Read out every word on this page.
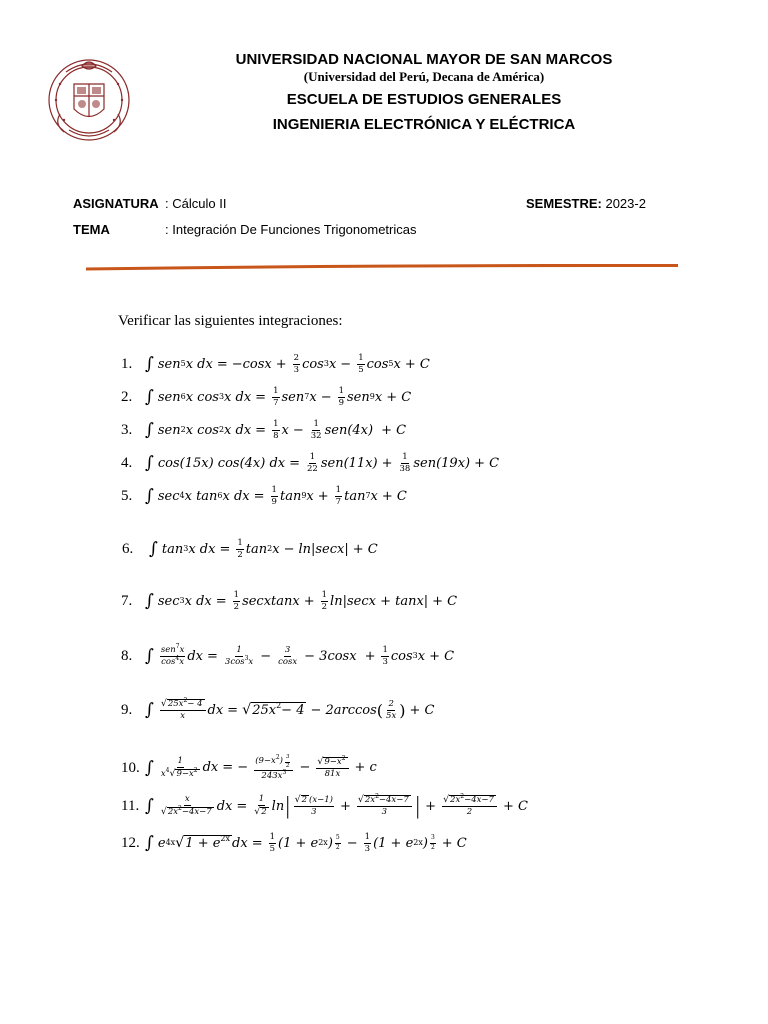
UNIVERSIDAD NACIONAL MAYOR DE SAN MARCOS
(Universidad del Perú, Decana de América)
ESCUELA DE ESTUDIOS GENERALES
INGENIERIA ELECTRÓNICA Y ELÉCTRICA
ASIGNATURA : Cálculo II	SEMESTRE: 2023-2
TEMA	: Integración De Funciones Trigonometricas
Verificar las siguientes integraciones:
1. ∫ sen 5 x dx = $-\cos x + \frac{2}{3}$ cos 3 $x - \frac{1}{5}$ cos 5 x + C
2. ∫ sen 6 x cos 3 x dx = $\frac{1}{7}$ sen 7 $x - \frac{1}{9}$ sen 9 x + C
3. ∫ sen 2 x cos 2 x dx = $\frac{1}{8}$ $x - \frac{1}{32} sen(4x) + C$
4. ∫ cos(15x) cos(4x) dx = $\frac{1}{22} sen(11x) + \frac{1}{38} sen(19x) + C$
5. ∫ sec 4 x tan 6 x dx = $\frac{1}{9}$ tan 9 $x + \frac{1}{7}$ tan 7 x + C
6. ∫ tan 3 x dx = $\frac{1}{2}$ tan 2 x − ln|secx| + C
7. ∫ sec 3 x dx = $\frac{1}{2}$ secxtanx + $\frac{1}{2} \ln|\sec x + \tan x| + C$
8. ∫ $\frac{sen^7x}{\cos^4x}$ dx = $\frac{1}{3\cos^3x} - \frac{3}{\cos x} - 3\cos x + \frac{1}{3}$ cos 3 x + C
9. ∫ $\frac{√ 25x^2- 4}{x}$ dx = √ $25x^2- 4 - 2\arccos$ ( $\frac{2}{5x}$ ) + C
10. ∫ $\frac{1}{x^4 √ 9-x^2}$ dx = − $\frac{(9-x^2) \frac{3}{2}}{243x^3} - \frac{√ 9-x^2}{81x} + c$
11. ∫ $\frac{x}{√ 2x^2-4x-7}$ dx = $\frac{1}{√ 2}$ ln | $\frac{√ 2 (x-1)}{3} + \frac{√ 2x^2-4x-7}{3}$ | + $\frac{√ 2x^2-4x-7}{2} + C$
12. ∫ e 4x √ $1 + e^{2x}$ dx = $\frac{1}{5} (1 + e$ 2x ) $\frac{5}{2} - \frac{1}{3} (1 + e$ 2x ) $\frac{3}{2} + C$
